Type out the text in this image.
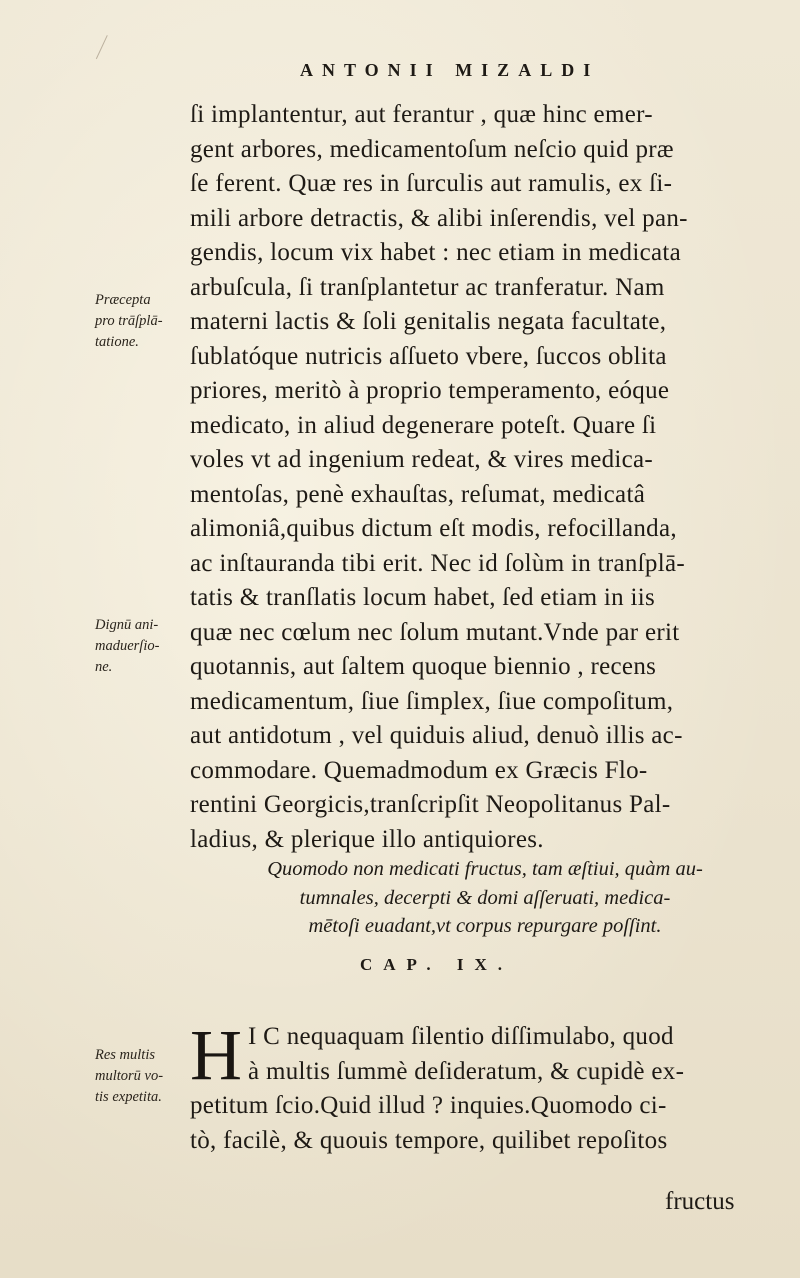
ANTONII MIZALDI
ſi implantentur, aut ferantur , quæ hinc emer-
gent arbores, medicamentoſum neſcio quid præ
ſe ferent. Quæ res in ſurculis aut ramulis, ex ſi-
mili arbore detractis, & alibi inſerendis, vel pan-
gendis, locum vix habet : nec etiam in medicata
arbuſcula, ſi tranſplantetur ac tranferatur. Nam
materni lactis & ſoli genitalis negata facultate,
ſublatóque nutricis aſſueto vbere, ſuccos oblita
priores, meritò à proprio temperamento, eóque
medicato, in aliud degenerare poteſt. Quare ſi
voles vt ad ingenium redeat, & vires medica-
mentoſas, penè exhauſtas, reſumat, medicatâ
alimoniâ,quibus dictum eſt modis, refocillanda,
ac inſtauranda tibi erit. Nec id ſolùm in tranſplā-
tatis & tranſlatis locum habet, ſed etiam in iis
quæ nec cœlum nec ſolum mutant.Vnde par erit
quotannis, aut ſaltem quoque biennio , recens
medicamentum, ſiue ſimplex, ſiue compoſitum,
aut antidotum , vel quiduis aliud, denuò illis ac-
commodare. Quemadmodum ex Græcis Flo-
rentini Georgicis,tranſcripſit Neopolitanus Pal-
ladius, & plerique illo antiquiores.
Præcepta
pro trāſplā-
tatione.
Dignū ani-
maduerſio-
ne.
Quomodo non medicati fructus, tam æſtiui, quàm au-
tumnales, decerpti & domi aſſeruati, medica-
mētoſi euadant,vt corpus repurgare poſſint.
CAP. IX.
Res multis
multorū vo-
tis expetita.
H I C nequaquam ſilentio diſſimulabo, quod
à multis ſummè deſideratum, & cupidè ex-
petitum ſcio.Quid illud ? inquies.Quomodo ci-
tò, facilè, & quouis tempore, quilibet repoſitos
fructus
